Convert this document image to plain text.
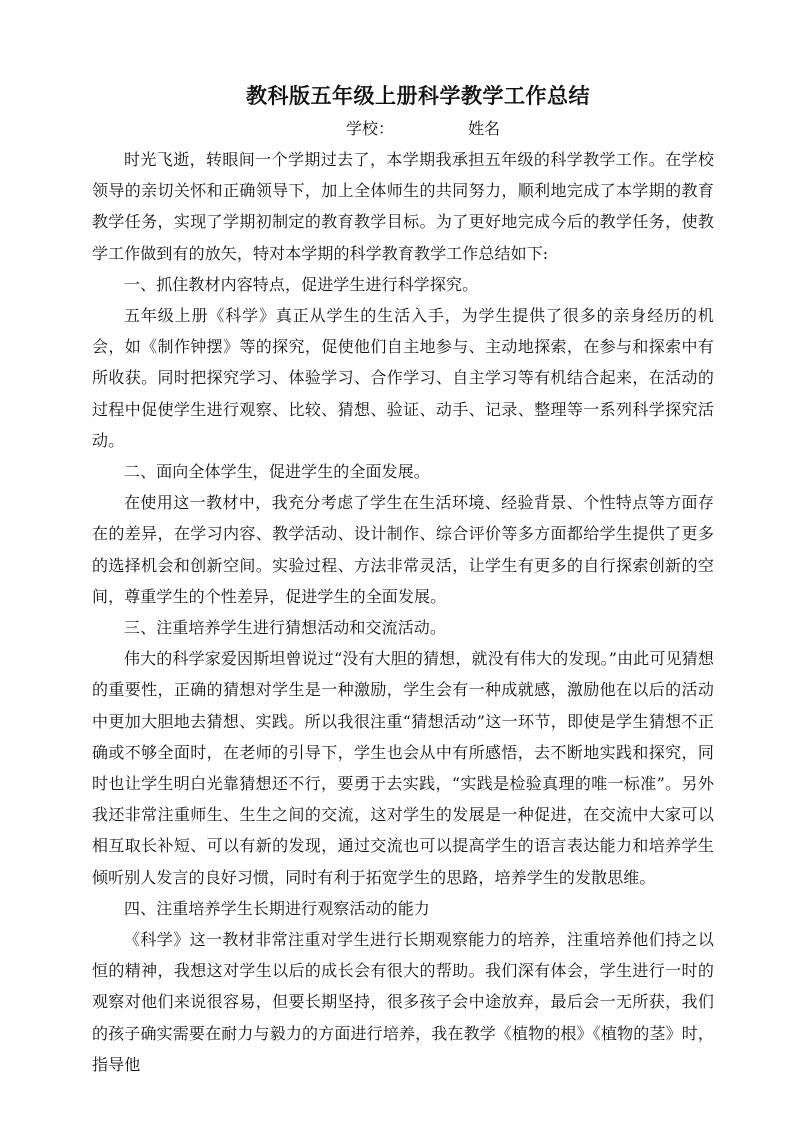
教科版五年级上册科学教学工作总结
学校：	姓名

时光飞逝，转眼间一个学期过去了，本学期我承担五年级的科学教学工作。在学校领导的亲切关怀和正确领导下，加上全体师生的共同努力，顺利地完成了本学期的教育教学任务，实现了学期初制定的教育教学目标。为了更好地完成今后的教学任务，使教学工作做到有的放矢，特对本学期的科学教育教学工作总结如下:

一、抓住教材内容特点，促进学生进行科学探究。

五年级上册《科学》真正从学生的生活入手，为学生提供了很多的亲身经历的机会，如《制作钟摆》等的探究，促使他们自主地参与、主动地探索，在参与和探索中有所收获。同时把探究学习、体验学习、合作学习、自主学习等有机结合起来，在活动的过程中促使学生进行观察、比较、猜想、验证、动手、记录、整理等一系列科学探究活动。

二、面向全体学生，促进学生的全面发展。

在使用这一教材中，我充分考虑了学生在生活环境、经验背景、个性特点等方面存在的差异，在学习内容、教学活动、设计制作、综合评价等多方面都给学生提供了更多的选择机会和创新空间。实验过程、方法非常灵活，让学生有更多的自行探索创新的空间，尊重学生的个性差异，促进学生的全面发展。

三、注重培养学生进行猜想活动和交流活动。

伟大的科学家爱因斯坦曾说过“没有大胆的猜想，就没有伟大的发现。”由此可见猜想的重要性，正确的猜想对学生是一种激励，学生会有一种成就感，激励他在以后的活动中更加大胆地去猜想、实践。所以我很注重“猜想活动”这一环节，即使是学生猜想不正确或不够全面时，在老师的引导下，学生也会从中有所感悟，去不断地实践和探究，同时也让学生明白光靠猜想还不行，要勇于去实践，“实践是检验真理的唯一标准”。另外我还非常注重师生、生生之间的交流，这对学生的发展是一种促进，在交流中大家可以相互取长补短、可以有新的发现，通过交流也可以提高学生的语言表达能力和培养学生倾听别人发言的良好习惯，同时有利于拓宽学生的思路，培养学生的发散思维。

四、注重培养学生长期进行观察活动的能力

《科学》这一教材非常注重对学生进行长期观察能力的培养，注重培养他们持之以恒的精神，我想这对学生以后的成长会有很大的帮助。我们深有体会，学生进行一时的观察对他们来说很容易，但要长期坚持，很多孩子会中途放弃，最后会一无所获，我们的孩子确实需要在耐力与毅力的方面进行培养，我在教学《植物的根》《植物的茎》时，指导他
